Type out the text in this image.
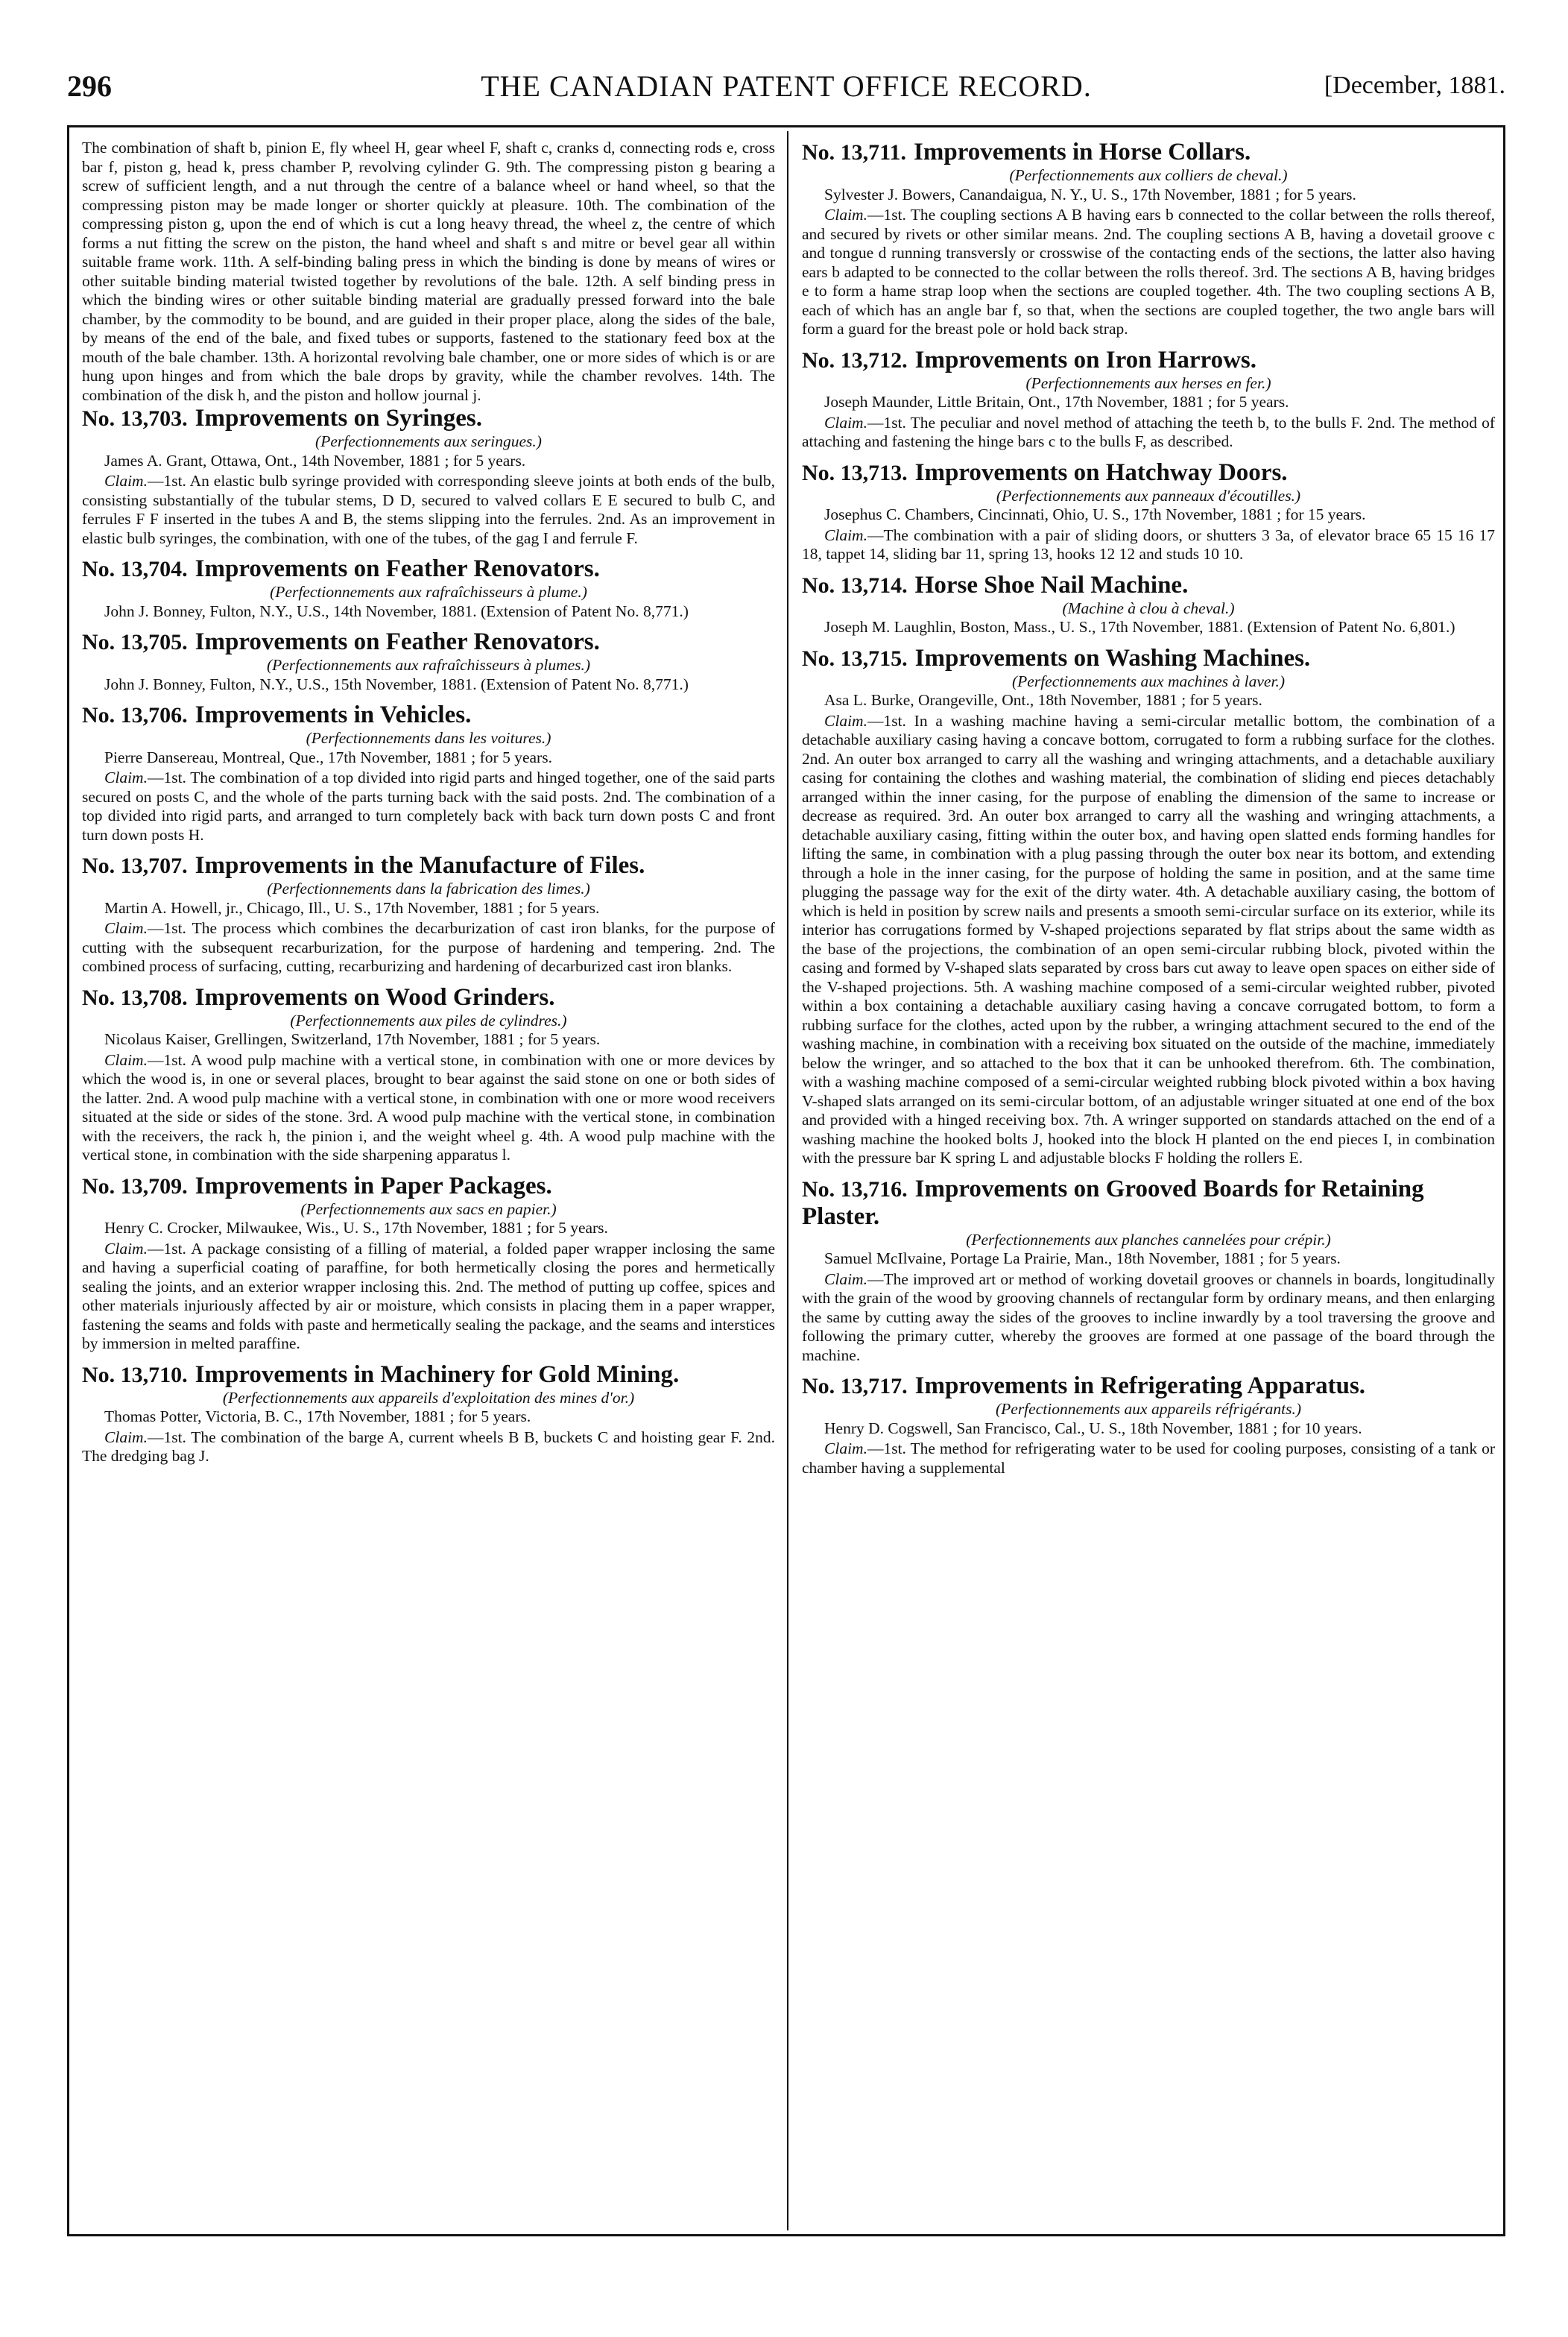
296	THE CANADIAN PATENT OFFICE RECORD.	[December, 1881.

The combination of shaft b, pinion E, fly wheel H, gear wheel F, shaft c, cranks d, connecting rods e, cross bar f, piston g, head k, press chamber P, revolving cylinder G. 9th. The compressing piston g bearing a screw of sufficient length, and a nut through the centre of a balance wheel or hand wheel, so that the compressing piston may be made longer or shorter quickly at pleasure. 10th. The combination of the compressing piston g, upon the end of which is cut a long heavy thread, the wheel z, the centre of which forms a nut fitting the screw on the piston, the hand wheel and shaft s and mitre or bevel gear all within suitable frame work. 11th. A self-binding baling press in which the binding is done by means of wires or other suitable binding material twisted together by revolutions of the bale. 12th. A self binding press in which the binding wires or other suitable binding material are gradually pressed forward into the bale chamber, by the commodity to be bound, and are guided in their proper place, along the sides of the bale, by means of the end of the bale, and fixed tubes or supports, fastened to the stationary feed box at the mouth of the bale chamber. 13th. A horizontal revolving bale chamber, one or more sides of which is or are hung upon hinges and from which the bale drops by gravity, while the chamber revolves. 14th. The combination of the disk h, and the piston and hollow journal j.

No. 13,703. Improvements on Syringes.

(Perfectionnements aux seringues.)

James A. Grant, Ottawa, Ont., 14th November, 1881 ; for 5 years.

Claim.—1st. An elastic bulb syringe provided with corresponding sleeve joints at both ends of the bulb, consisting substantially of the tubular stems, D D, secured to valved collars E E secured to bulb C, and ferrules F F inserted in the tubes A and B, the stems slipping into the ferrules. 2nd. As an improvement in elastic bulb syringes, the combination, with one of the tubes, of the gag I and ferrule F.

No. 13,704. Improvements on Feather Renovators.

(Perfectionnements aux rafraîchisseurs à plume.)

John J. Bonney, Fulton, N.Y., U.S., 14th November, 1881. (Extension of Patent No. 8,771.)

No. 13,705. Improvements on Feather Renovators.

(Perfectionnements aux rafraîchisseurs à plumes.)

John J. Bonney, Fulton, N.Y., U.S., 15th November, 1881. (Extension of Patent No. 8,771.)

No. 13,706. Improvements in Vehicles.

(Perfectionnements dans les voitures.)

Pierre Dansereau, Montreal, Que., 17th November, 1881 ; for 5 years.

Claim.—1st. The combination of a top divided into rigid parts and hinged together, one of the said parts secured on posts C, and the whole of the parts turning back with the said posts. 2nd. The combination of a top divided into rigid parts, and arranged to turn completely back with back turn down posts C and front turn down posts H.

No. 13,707. Improvements in the Manufacture of Files.

(Perfectionnements dans la fabrication des limes.)

Martin A. Howell, jr., Chicago, Ill., U. S., 17th November, 1881 ; for 5 years.

Claim.—1st. The process which combines the decarburization of cast iron blanks, for the purpose of cutting with the subsequent recarburization, for the purpose of hardening and tempering. 2nd. The combined process of surfacing, cutting, recarburizing and hardening of decarburized cast iron blanks.

No. 13,708. Improvements on Wood Grinders.

(Perfectionnements aux piles de cylindres.)

Nicolaus Kaiser, Grellingen, Switzerland, 17th November, 1881 ; for 5 years.

Claim.—1st. A wood pulp machine with a vertical stone, in combination with one or more devices by which the wood is, in one or several places, brought to bear against the said stone on one or both sides of the latter. 2nd. A wood pulp machine with a vertical stone, in combination with one or more wood receivers situated at the side or sides of the stone. 3rd. A wood pulp machine with the vertical stone, in combination with the receivers, the rack h, the pinion i, and the weight wheel g. 4th. A wood pulp machine with the vertical stone, in combination with the side sharpening apparatus l.

No. 13,709. Improvements in Paper Packages.

(Perfectionnements aux sacs en papier.)

Henry C. Crocker, Milwaukee, Wis., U. S., 17th November, 1881 ; for 5 years.

Claim.—1st. A package consisting of a filling of material, a folded paper wrapper inclosing the same and having a superficial coating of paraffine, for both hermetically closing the pores and hermetically sealing the joints, and an exterior wrapper inclosing this. 2nd. The method of putting up coffee, spices and other materials injuriously affected by air or moisture, which consists in placing them in a paper wrapper, fastening the seams and folds with paste and hermetically sealing the package, and the seams and interstices by immersion in melted paraffine.

No. 13,710. Improvements in Machinery for Gold Mining.

(Perfectionnements aux appareils d'exploitation des mines d'or.)

Thomas Potter, Victoria, B. C., 17th November, 1881 ; for 5 years.

Claim.—1st. The combination of the barge A, current wheels B B, buckets C and hoisting gear F. 2nd. The dredging bag J.

No. 13,711. Improvements in Horse Collars.

(Perfectionnements aux colliers de cheval.)

Sylvester J. Bowers, Canandaigua, N. Y., U. S., 17th November, 1881 ; for 5 years.

Claim.—1st. The coupling sections A B having ears b connected to the collar between the rolls thereof, and secured by rivets or other similar means. 2nd. The coupling sections A B, having a dovetail groove c and tongue d running transversly or crosswise of the contacting ends of the sections, the latter also having ears b adapted to be connected to the collar between the rolls thereof. 3rd. The sections A B, having bridges e to form a hame strap loop when the sections are coupled together. 4th. The two coupling sections A B, each of which has an angle bar f, so that, when the sections are coupled together, the two angle bars will form a guard for the breast pole or hold back strap.

No. 13,712. Improvements on Iron Harrows.

(Perfectionnements aux herses en fer.)

Joseph Maunder, Little Britain, Ont., 17th November, 1881 ; for 5 years.

Claim.—1st. The peculiar and novel method of attaching the teeth b, to the bulls F. 2nd. The method of attaching and fastening the hinge bars c to the bulls F, as described.

No. 13,713. Improvements on Hatchway Doors.

(Perfectionnements aux panneaux d'écoutilles.)

Josephus C. Chambers, Cincinnati, Ohio, U. S., 17th November, 1881 ; for 15 years.

Claim.—The combination with a pair of sliding doors, or shutters 3 3a, of elevator brace 65 15 16 17 18, tappet 14, sliding bar 11, spring 13, hooks 12 12 and studs 10 10.

No. 13,714. Horse Shoe Nail Machine.

(Machine à clou à cheval.)

Joseph M. Laughlin, Boston, Mass., U. S., 17th November, 1881. (Extension of Patent No. 6,801.)

No. 13,715. Improvements on Washing Machines.

(Perfectionnements aux machines à laver.)

Asa L. Burke, Orangeville, Ont., 18th November, 1881 ; for 5 years.

Claim.—1st. In a washing machine having a semi-circular metallic bottom, the combination of a detachable auxiliary casing having a concave bottom, corrugated to form a rubbing surface for the clothes. 2nd. An outer box arranged to carry all the washing and wringing attachments, and a detachable auxiliary casing for containing the clothes and washing material, the combination of sliding end pieces detachably arranged within the inner casing, for the purpose of enabling the dimension of the same to increase or decrease as required. 3rd. An outer box arranged to carry all the washing and wringing attachments, a detachable auxiliary casing, fitting within the outer box, and having open slatted ends forming handles for lifting the same, in combination with a plug passing through the outer box near its bottom, and extending through a hole in the inner casing, for the purpose of holding the same in position, and at the same time plugging the passage way for the exit of the dirty water. 4th. A detachable auxiliary casing, the bottom of which is held in position by screw nails and presents a smooth semi-circular surface on its exterior, while its interior has corrugations formed by V-shaped projections separated by flat strips about the same width as the base of the projections, the combination of an open semi-circular rubbing block, pivoted within the casing and formed by V-shaped slats separated by cross bars cut away to leave open spaces on either side of the V-shaped projections. 5th. A washing machine composed of a semi-circular weighted rubber, pivoted within a box containing a detachable auxiliary casing having a concave corrugated bottom, to form a rubbing surface for the clothes, acted upon by the rubber, a wringing attachment secured to the end of the washing machine, in combination with a receiving box situated on the outside of the machine, immediately below the wringer, and so attached to the box that it can be unhooked therefrom. 6th. The combination, with a washing machine composed of a semi-circular weighted rubbing block pivoted within a box having V-shaped slats arranged on its semi-circular bottom, of an adjustable wringer situated at one end of the box and provided with a hinged receiving box. 7th. A wringer supported on standards attached on the end of a washing machine the hooked bolts J, hooked into the block H planted on the end pieces I, in combination with the pressure bar K spring L and adjustable blocks F holding the rollers E.

No. 13,716. Improvements on Grooved Boards for Retaining Plaster.

(Perfectionnements aux planches cannelées pour crépir.)

Samuel McIlvaine, Portage La Prairie, Man., 18th November, 1881 ; for 5 years.

Claim.—The improved art or method of working dovetail grooves or channels in boards, longitudinally with the grain of the wood by grooving channels of rectangular form by ordinary means, and then enlarging the same by cutting away the sides of the grooves to incline inwardly by a tool traversing the groove and following the primary cutter, whereby the grooves are formed at one passage of the board through the machine.

No. 13,717. Improvements in Refrigerating Apparatus.

(Perfectionnements aux appareils réfrigérants.)

Henry D. Cogswell, San Francisco, Cal., U. S., 18th November, 1881 ; for 10 years.

Claim.—1st. The method for refrigerating water to be used for cooling purposes, consisting of a tank or chamber having a supplemental
